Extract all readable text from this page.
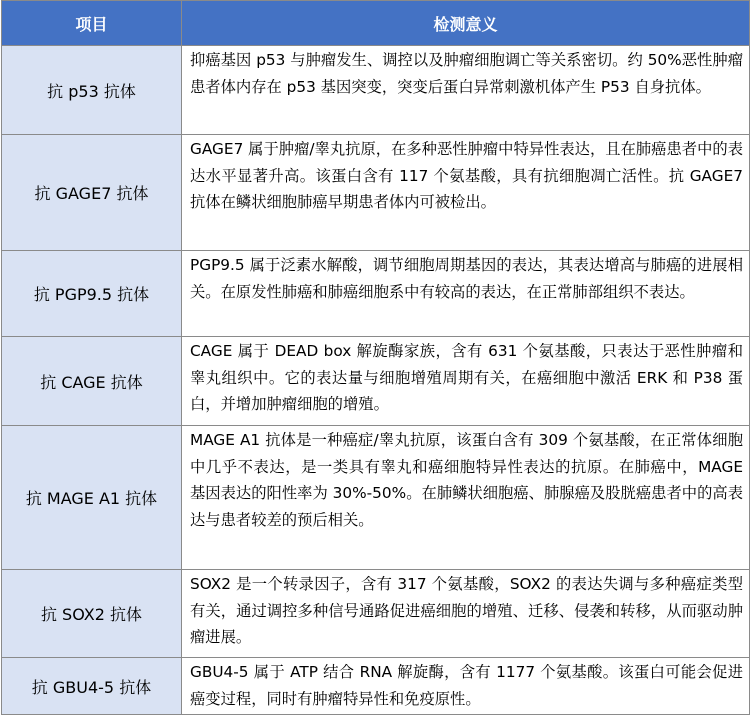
项目	检测意义
抗 p53 抗体	抑癌基因 p53 与肿瘤发生、调控以及肿瘤细胞调亡等关系密切。约 50%恶性肿瘤患者体内存在 p53 基因突变，突变后蛋白异常刺激机体产生 P53 自身抗体。
抗 GAGE7 抗体	GAGE7 属于肿瘤/睾丸抗原，在多种恶性肿瘤中特异性表达，且在肺癌患者中的表达水平显著升高。该蛋白含有 117 个氨基酸，具有抗细胞凋亡活性。抗 GAGE7 抗体在鳞状细胞肺癌早期患者体内可被检出。
抗 PGP9.5 抗体	PGP9.5 属于泛素水解酸，调节细胞周期基因的表达，其表达增高与肺癌的进展相关。在原发性肺癌和肺癌细胞系中有较高的表达，在正常肺部组织不表达。
抗 CAGE 抗体	CAGE 属于 DEAD box 解旋酶家族，含有 631 个氨基酸，只表达于恶性肿瘤和睾丸组织中。它的表达量与细胞增殖周期有关，在癌细胞中激活 ERK 和 P38 蛋白，并增加肿瘤细胞的增殖。
抗 MAGE A1 抗体	MAGE A1 抗体是一种癌症/睾丸抗原，该蛋白含有 309 个氨基酸，在正常体细胞中几乎不表达，是一类具有睾丸和癌细胞特异性表达的抗原。在肺癌中，MAGE 基因表达的阳性率为 30%-50%。在肺鳞状细胞癌、肺腺癌及股胱癌患者中的高表达与患者较差的预后相关。
抗 SOX2 抗体	SOX2 是一个转录因子，含有 317 个氨基酸，SOX2 的表达失调与多种癌症类型有关，通过调控多种信号通路促进癌细胞的增殖、迁移、侵袭和转移，从而驱动肿瘤进展。
抗 GBU4-5 抗体	GBU4-5 属于 ATP 结合 RNA 解旋酶，含有 1177 个氨基酸。该蛋白可能会促进癌变过程，同时有肿瘤特异性和免疫原性。
